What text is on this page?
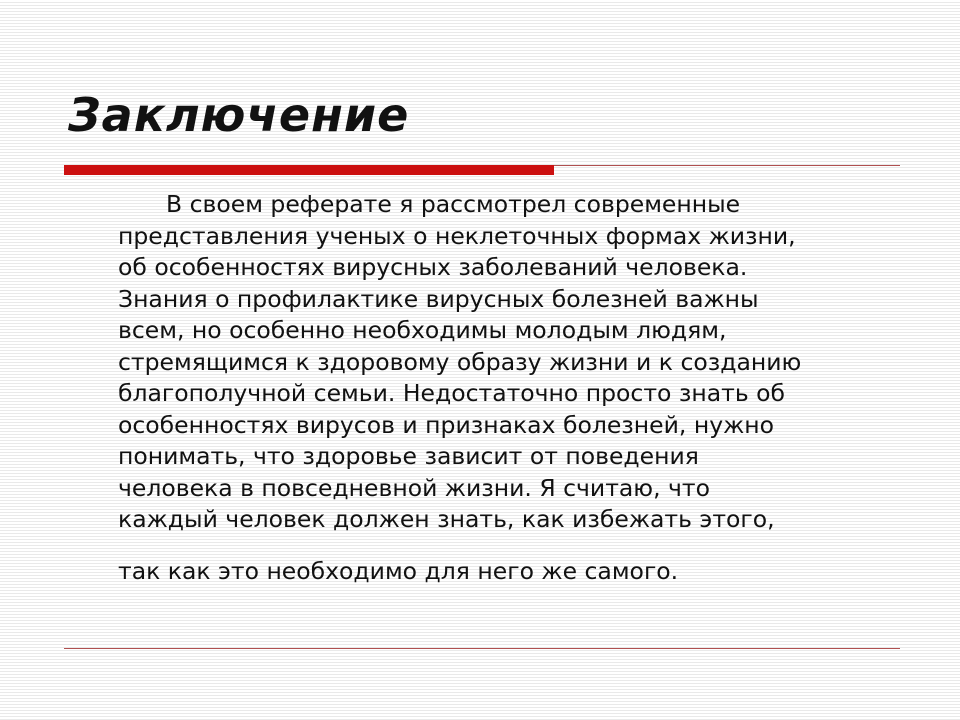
Заключение
В своем реферате я рассмотрел современные
представления ученых о неклеточных формах жизни,
об особенностях вирусных заболеваний человека.
Знания о профилактике вирусных болезней важны
всем, но особенно необходимы молодым людям,
стремящимся к здоровому образу жизни и к созданию
благополучной семьи. Недостаточно просто знать об
особенностях вирусов и признаках болезней, нужно
понимать, что здоровье зависит от поведения
человека в повседневной жизни. Я считаю, что
каждый человек должен знать, как избежать этого,
так как это необходимо для него же самого.
